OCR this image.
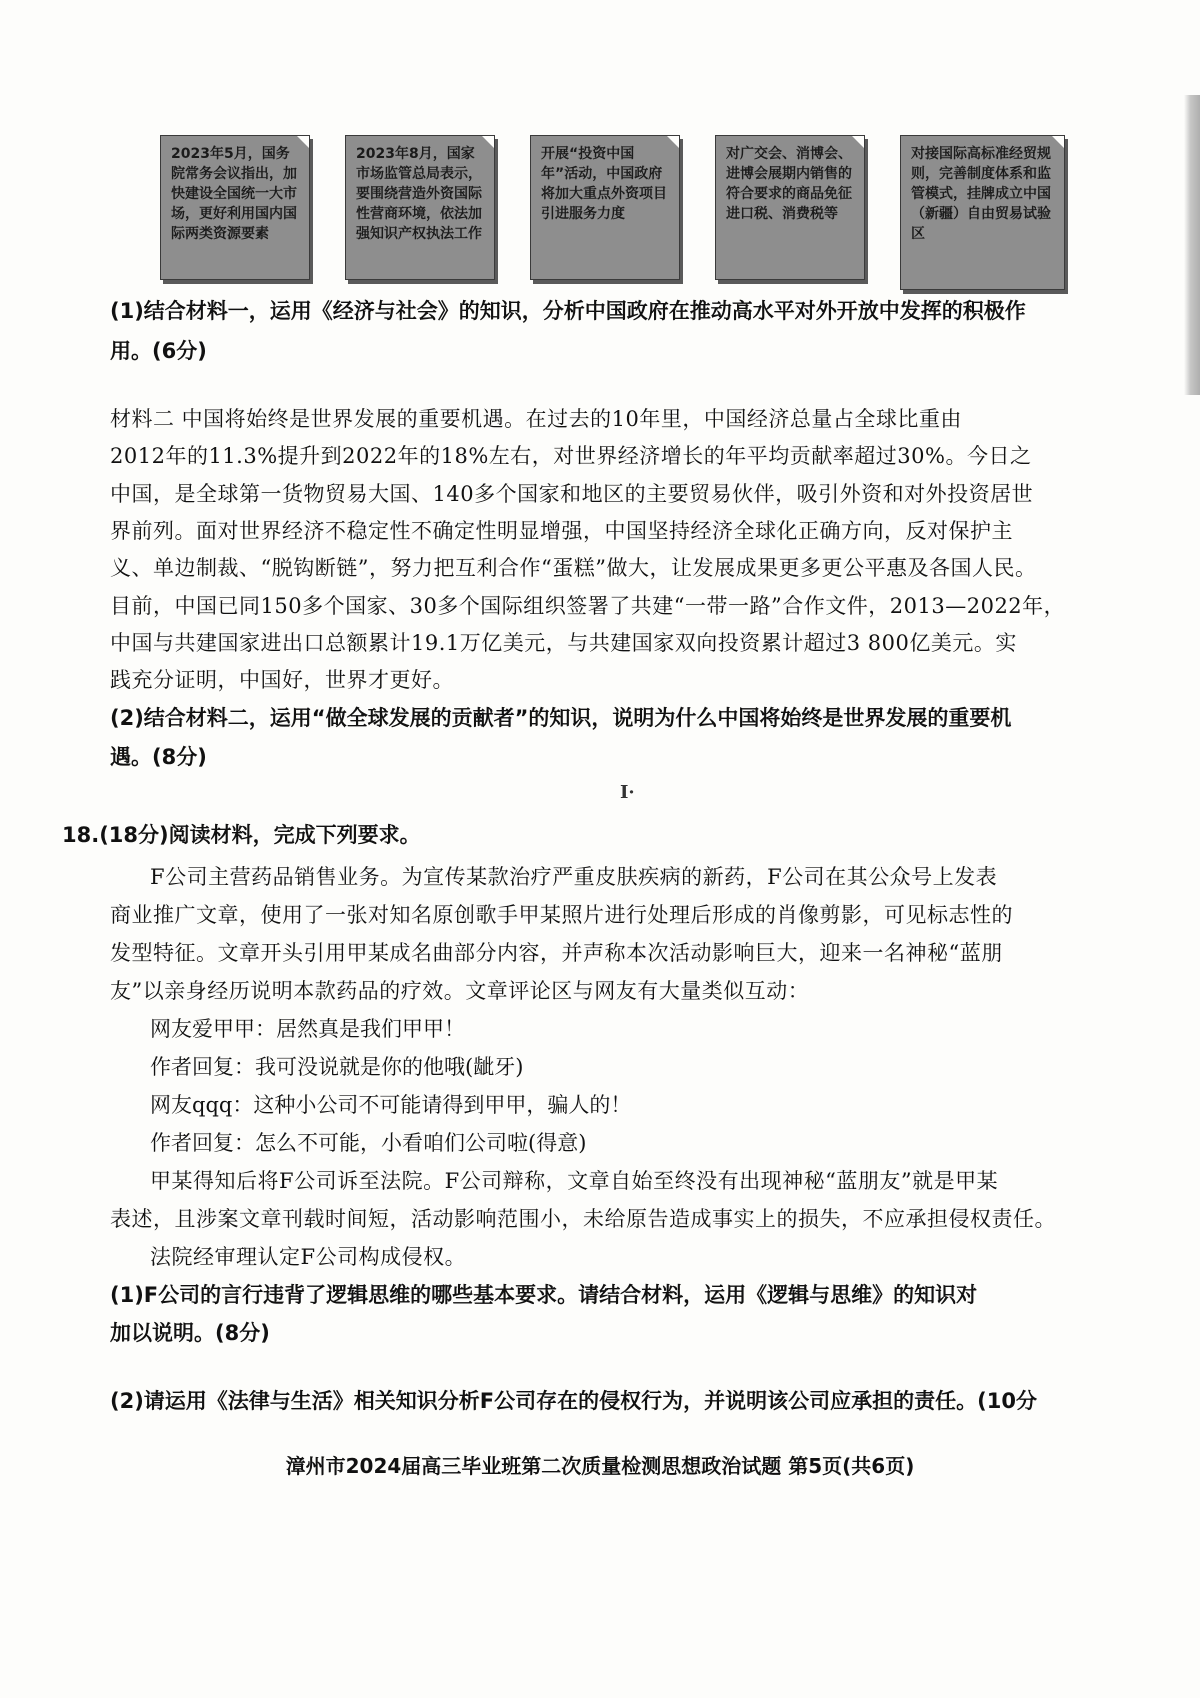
2023年5月，国务院常务会议指出，加快建设全国统一大市场，更好利用国内国际两类资源要素
2023年8月，国家市场监管总局表示，要围绕营造外资国际性营商环境，依法加强知识产权执法工作
开展“投资中国年”活动，中国政府将加大重点外资项目引进服务力度
对广交会、消博会、进博会展期内销售的符合要求的商品免征进口税、消费税等
对接国际高标准经贸规则，完善制度体系和监管模式，挂牌成立中国（新疆）自由贸易试验区
(1)结合材料一，运用《经济与社会》的知识，分析中国政府在推动高水平对外开放中发挥的积极作
用。(6分)
材料二 中国将始终是世界发展的重要机遇。在过去的10年里，中国经济总量占全球比重由
2012年的11.3%提升到2022年的18%左右，对世界经济增长的年平均贡献率超过30%。今日之
中国，是全球第一货物贸易大国、140多个国家和地区的主要贸易伙伴，吸引外资和对外投资居世
界前列。面对世界经济不稳定性不确定性明显增强，中国坚持经济全球化正确方向，反对保护主
义、单边制裁、“脱钩断链”，努力把互利合作“蛋糕”做大，让发展成果更多更公平惠及各国人民。
目前，中国已同150多个国家、30多个国际组织签署了共建“一带一路”合作文件，2013—2022年，
中国与共建国家进出口总额累计19.1万亿美元，与共建国家双向投资累计超过3 800亿美元。实
践充分证明，中国好，世界才更好。
(2)结合材料二，运用“做全球发展的贡献者”的知识，说明为什么中国将始终是世界发展的重要机
遇。(8分)
I·
18.(18分)阅读材料，完成下列要求。
F公司主营药品销售业务。为宣传某款治疗严重皮肤疾病的新药，F公司在其公众号上发表
商业推广文章，使用了一张对知名原创歌手甲某照片进行处理后形成的肖像剪影，可见标志性的
发型特征。文章开头引用甲某成名曲部分内容，并声称本次活动影响巨大，迎来一名神秘“蓝朋
友”以亲身经历说明本款药品的疗效。文章评论区与网友有大量类似互动：
网友爱甲甲：居然真是我们甲甲！
作者回复：我可没说就是你的他哦(龇牙)
网友qqq：这种小公司不可能请得到甲甲，骗人的！
作者回复：怎么不可能，小看咱们公司啦(得意)
甲某得知后将F公司诉至法院。F公司辩称，文章自始至终没有出现神秘“蓝朋友”就是甲某
表述，且涉案文章刊载时间短，活动影响范围小，未给原告造成事实上的损失，不应承担侵权责任。
法院经审理认定F公司构成侵权。
(1)F公司的言行违背了逻辑思维的哪些基本要求。请结合材料，运用《逻辑与思维》的知识对
加以说明。(8分)
(2)请运用《法律与生活》相关知识分析F公司存在的侵权行为，并说明该公司应承担的责任。(10分
漳州市2024届高三毕业班第二次质量检测思想政治试题 第5页(共6页)
